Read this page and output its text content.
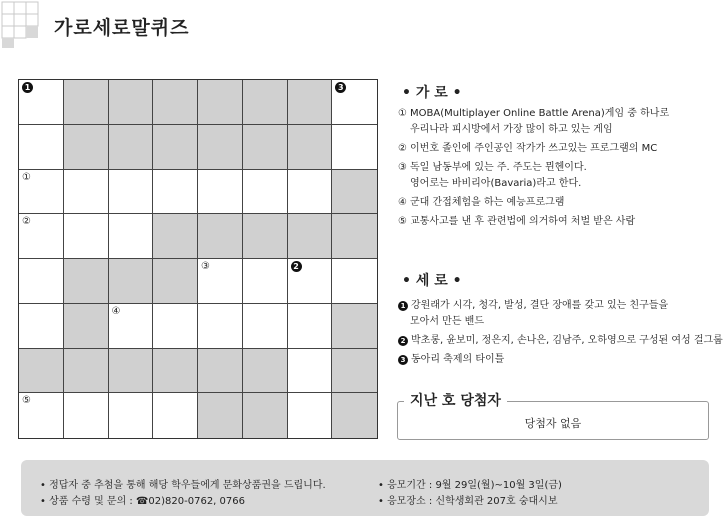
가로세로말퀴즈
1	3
①
②
③	2
④
⑤
• 가 로 •
① MOBA(Multiplayer Online Battle Arena)게임 중 하나로
우리나라 피시방에서 가장 많이 하고 있는 게임
② 이번호 졸인에 주인공인 작가가 쓰고있는 프로그램의 MC
③ 독일 남동부에 있는 주. 주도는 뮌헨이다.
영어로는 바비리아(Bavaria)라고 한다.
④ 군대 간접체험을 하는 예능프로그램
⑤ 교통사고를 낸 후 관련법에 의거하여 처벌 받은 사람
• 세 로 •
1 강원래가 시각, 청각, 발성, 결단 장애를 갖고 있는 친구들을
모아서 만든 밴드
2 박초롱, 윤보미, 정은지, 손나은, 김남주, 오하영으로 구성된 여성 걸그룹
3 동아리 축제의 타이틀
지난 호 당첨자
당첨자 없음
• 정답자 중 추첨을 통해 해당 학우들에게 문화상품권을 드립니다.
• 상품 수령 및 문의 : ☎02)820-0762, 0766
• 응모기간 : 9월 29일(월)~10월 3일(금)
• 응모장소 : 신학생회관 207호 숭대시보
